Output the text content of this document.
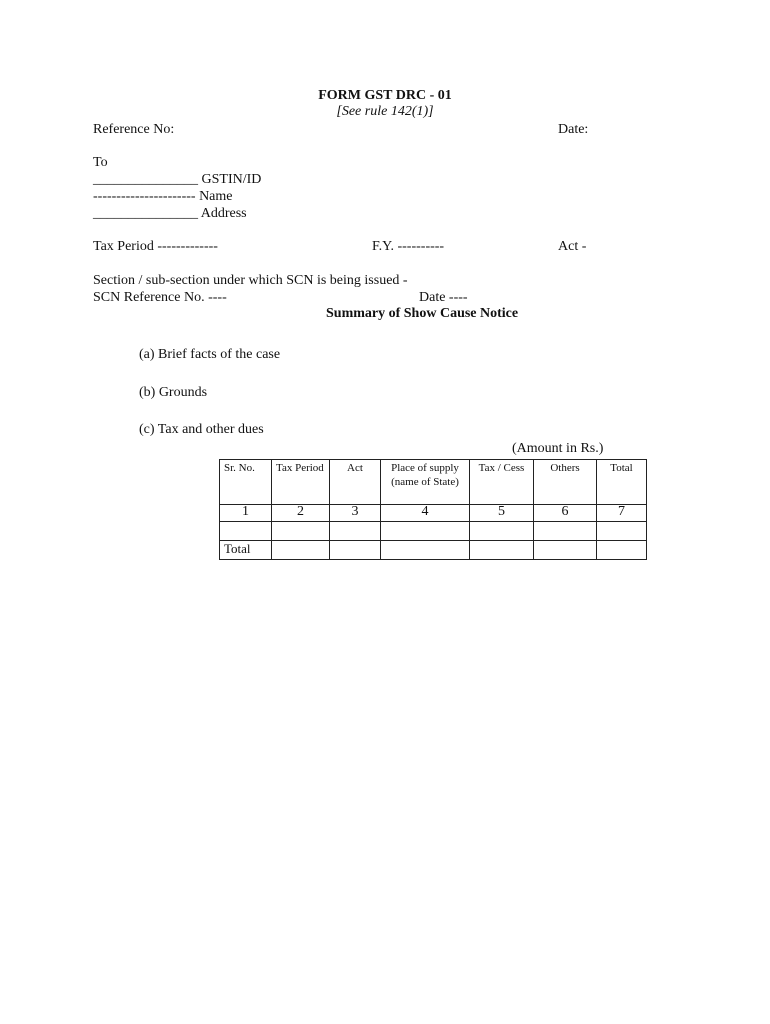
FORM GST DRC - 01
[See rule 142(1)]
Reference No:	Date:
To
_______________ GSTIN/ID
---------------------- Name
_______________ Address
Tax Period -------------	F.Y. ----------	Act -
Section / sub-section under which SCN is being issued -
SCN Reference No. ----	Date ----
Summary of Show Cause Notice
(a) Brief facts of the case
(b) Grounds
(c) Tax and other dues
(Amount in Rs.)
Sr. No.	Tax Period	Act	Place of supply (name of State)	Tax / Cess	Others	Total
1	2	3	4	5	6	7

Total						
